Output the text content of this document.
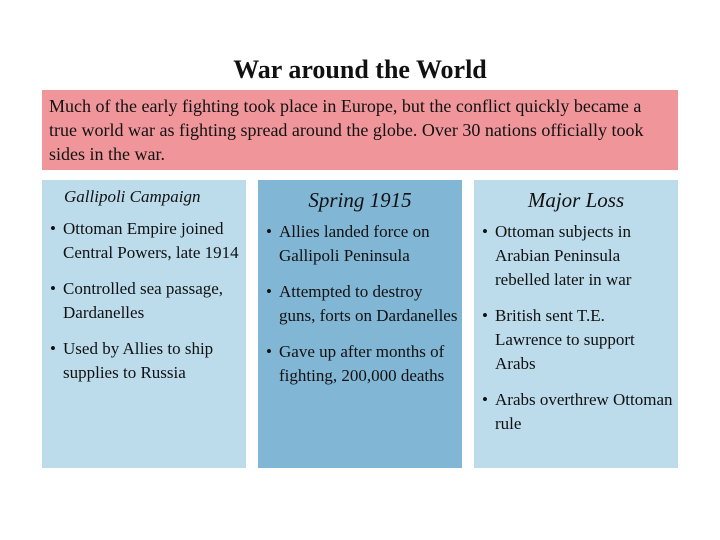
War around the World
Much of the early fighting took place in Europe, but the conflict quickly became a true world war as fighting spread around the globe. Over 30 nations officially took sides in the war.
Gallipoli Campaign
• Ottoman Empire joined Central Powers, late 1914
• Controlled sea passage, Dardanelles
• Used by Allies to ship supplies to Russia
Spring 1915
• Allies landed force on Gallipoli Peninsula
• Attempted to destroy guns, forts on Dardanelles
• Gave up after months of fighting, 200,000 deaths
Major Loss
• Ottoman subjects in Arabian Peninsula rebelled later in war
• British sent T.E. Lawrence to support Arabs
• Arabs overthrew Ottoman rule
